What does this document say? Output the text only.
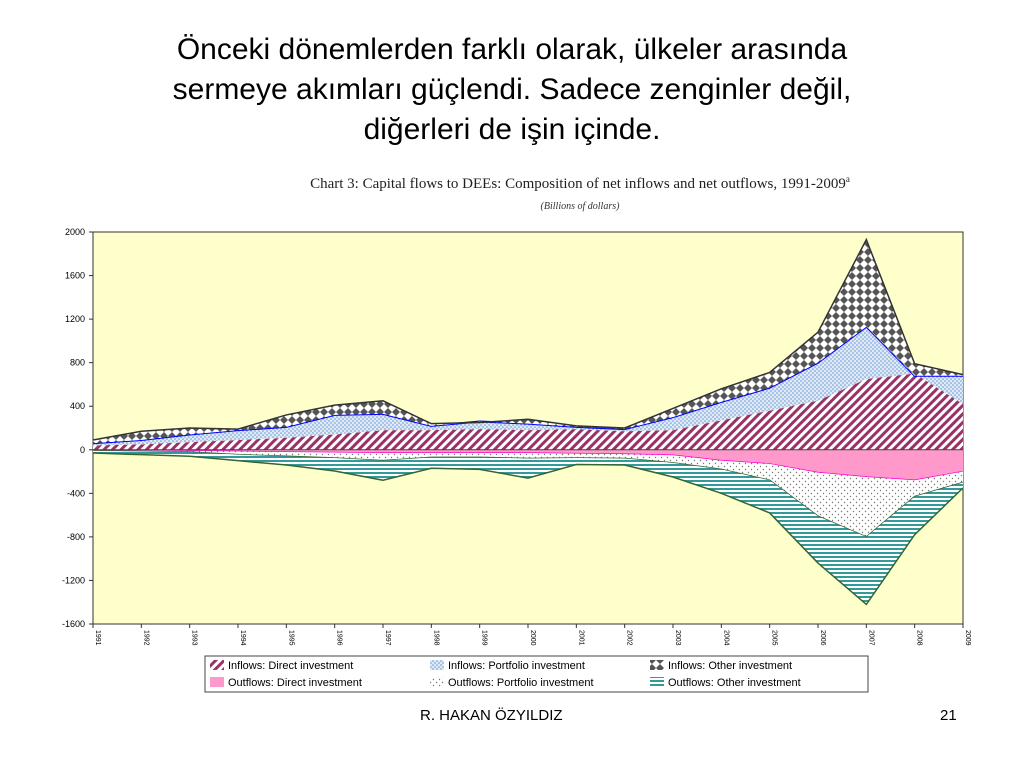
Önceki dönemlerden farklı olarak, ülkeler arasında
sermeye akımları güçlendi. Sadece zenginler değil,
diğerleri de işin içinde.
Chart 3: Capital flows to DEEs: Composition of net inflows and net outflows, 1991-2009$^a$
(Billions of dollars)
2000
1600
1200
800
400
0
-400
-800
-1200
-1600
1991	1992	1993	1994	1995	1996	1997	1998	1999	2000	2001	2002	2003	2004	2005	2006	2007	2008	2009
Inflows: Direct investment	Inflows: Portfolio investment	Inflows: Other investment
Outflows: Direct investment	Outflows: Portfolio investment	Outflows: Other investment
R. HAKAN ÖZYILDIZ	21
